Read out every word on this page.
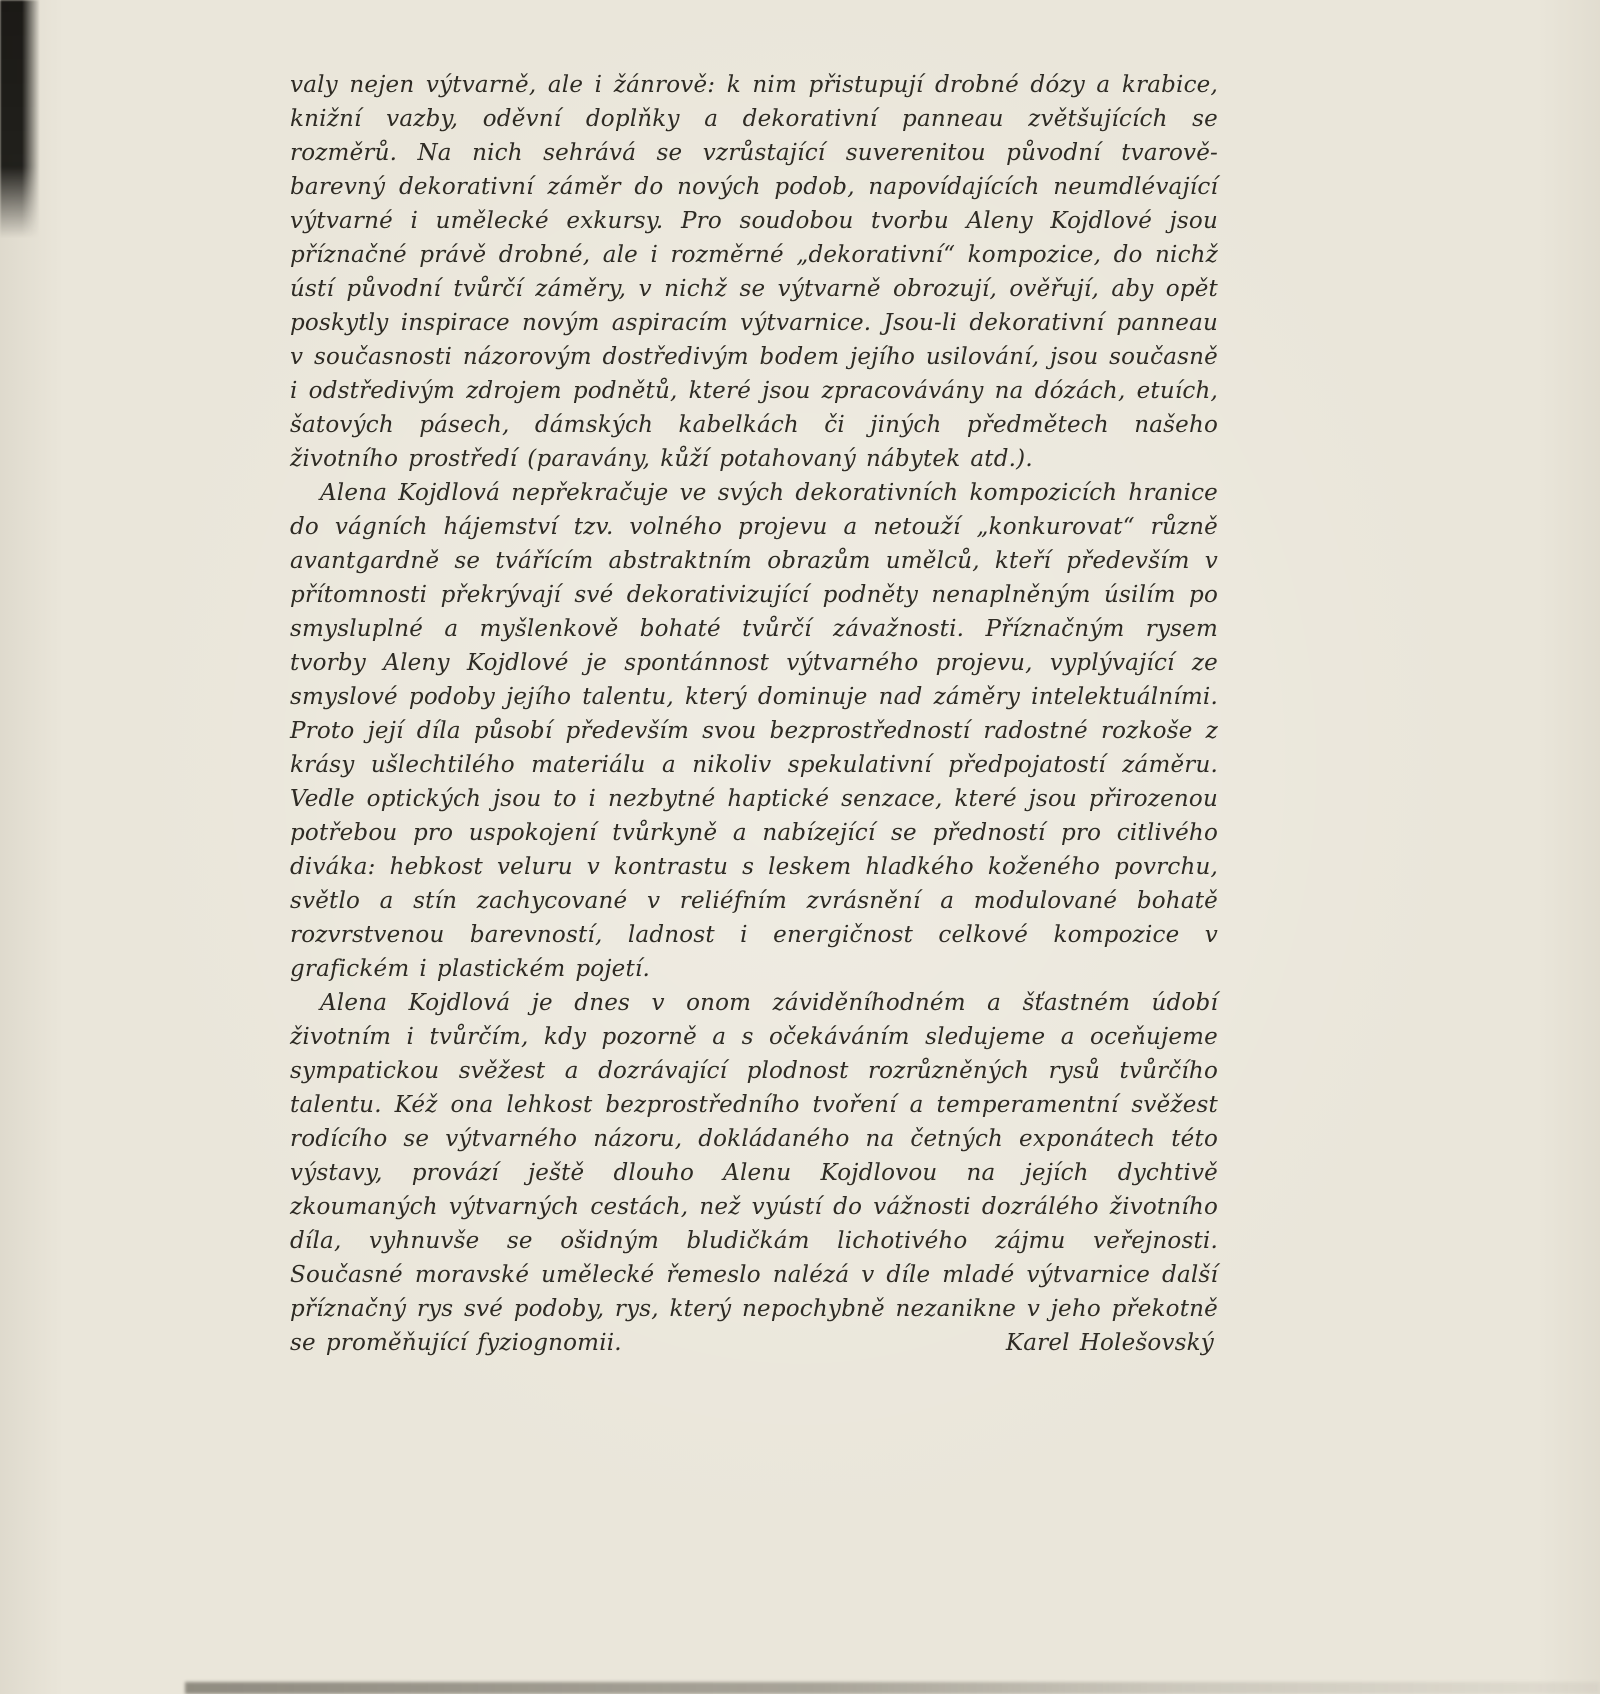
valy nejen výtvarně, ale i žánrově: k nim přistupují drobné dózy a krabice, knižní vazby, oděvní doplňky a dekorativní panneau zvětšujících se rozměrů. Na nich sehrává se vzrůstající suverenitou původní tvarově-barevný dekorativní záměr do nových podob, napovídajících neumdlévající výtvarné i umělecké exkursy. Pro soudobou tvorbu Aleny Kojdlové jsou příznačné právě drobné, ale i rozměrné „dekorativní“ kompozice, do nichž ústí původní tvůrčí záměry, v nichž se výtvarně obrozují, ověřují, aby opět poskytly inspirace novým aspiracím výtvarnice. Jsou-li dekorativní panneau v současnosti názorovým dostředivým bodem jejího usilování, jsou současně i odstředivým zdrojem podnětů, které jsou zpracovávány na dózách, etuích, šatových pásech, dámských kabelkách či jiných předmětech našeho životního prostředí (paravány, kůží potahovaný nábytek atd.).

Alena Kojdlová nepřekračuje ve svých dekorativních kompozicích hranice do vágních hájemství tzv. volného projevu a netouží „konkurovat“ různě avantgardně se tvářícím abstraktním obrazům umělců, kteří především v přítomnosti překrývají své dekorativizující podněty nenaplněným úsilím po smysluplné a myšlenkově bohaté tvůrčí závažnosti. Příznačným rysem tvorby Aleny Kojdlové je spontánnost výtvarného projevu, vyplývající ze smyslové podoby jejího talentu, který dominuje nad záměry intelektuálními. Proto její díla působí především svou bezprostředností radostné rozkoše z krásy ušlechtilého materiálu a nikoliv spekulativní předpojatostí záměru. Vedle optických jsou to i nezbytné haptické senzace, které jsou přirozenou potřebou pro uspokojení tvůrkyně a nabízející se předností pro citlivého diváka: hebkost veluru v kontrastu s leskem hladkého koženého povrchu, světlo a stín zachycované v reliéfním zvrásnění a modulované bohatě rozvrstvenou barevností, ladnost i energičnost celkové kompozice v grafickém i plastickém pojetí.

Alena Kojdlová je dnes v onom záviděníhodném a šťastném údobí životním i tvůrčím, kdy pozorně a s očekáváním sledujeme a oceňujeme sympatickou svěžest a dozrávající plodnost rozrůzněných rysů tvůrčího talentu. Kéž ona lehkost bezprostředního tvoření a temperamentní svěžest rodícího se výtvarného názoru, dokládaného na četných exponátech této výstavy, provází ještě dlouho Alenu Kojdlovou na jejích dychtivě zkoumaných výtvarných cestách, než vyústí do vážnosti dozrálého životního díla, vyhnuvše se ošidným bludičkám lichotivého zájmu veřejnosti. Současné moravské umělecké řemeslo nalézá v díle mladé výtvarnice další příznačný rys své podoby, rys, který nepochybně nezanikne v jeho překotně se proměňující fyziognomii.	Karel Holešovský
